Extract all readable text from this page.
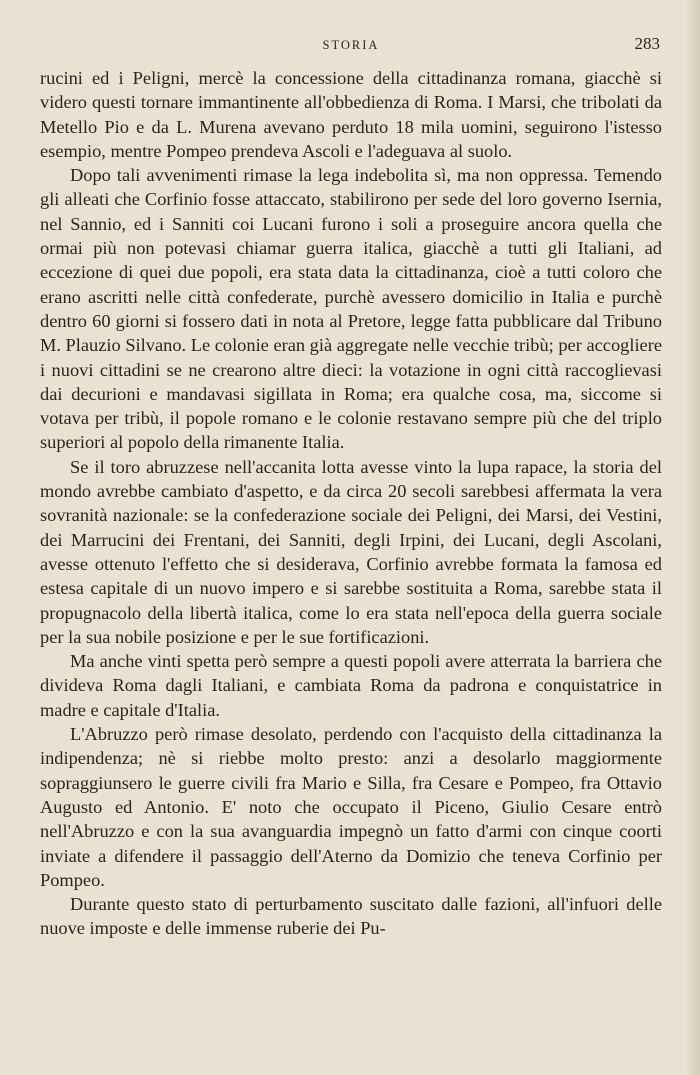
STORIA	283

rucini ed i Peligni, mercè la concessione della cittadinanza romana, giacchè si videro questi tornare immantinente all'obbedienza di Roma. I Marsi, che tribolati da Metello Pio e da L. Murena avevano perduto 18 mila uomini, seguirono l'istesso esempio, mentre Pompeo prendeva Ascoli e l'adeguava al suolo.

Dopo tali avvenimenti rimase la lega indebolita sì, ma non oppressa. Temendo gli alleati che Corfinio fosse attaccato, stabilirono per sede del loro governo Isernia, nel Sannio, ed i Sanniti coi Lucani furono i soli a proseguire ancora quella che ormai più non potevasi chiamar guerra italica, giacchè a tutti gli Italiani, ad eccezione di quei due popoli, era stata data la cittadinanza, cioè a tutti coloro che erano ascritti nelle città confederate, purchè avessero domicilio in Italia e purchè dentro 60 giorni si fossero dati in nota al Pretore, legge fatta pubblicare dal Tribuno M. Plauzio Silvano. Le colonie eran già aggregate nelle vecchie tribù; per accogliere i nuovi cittadini se ne crearono altre dieci: la votazione in ogni città raccoglievasi dai decurioni e mandavasi sigillata in Roma; era qualche cosa, ma, siccome si votava per tribù, il popole romano e le colonie restavano sempre più che del triplo superiori al popolo della rimanente Italia.

Se il toro abruzzese nell'accanita lotta avesse vinto la lupa rapace, la storia del mondo avrebbe cambiato d'aspetto, e da circa 20 secoli sarebbesi affermata la vera sovranità nazionale: se la confederazione sociale dei Peligni, dei Marsi, dei Vestini, dei Marrucini dei Frentani, dei Sanniti, degli Irpini, dei Lucani, degli Ascolani, avesse ottenuto l'effetto che si desiderava, Corfinio avrebbe formata la famosa ed estesa capitale di un nuovo impero e si sarebbe sostituita a Roma, sarebbe stata il propugnacolo della libertà italica, come lo era stata nell'epoca della guerra sociale per la sua nobile posizione e per le sue fortificazioni.

Ma anche vinti spetta però sempre a questi popoli avere atterrata la barriera che divideva Roma dagli Italiani, e cambiata Roma da padrona e conquistatrice in madre e capitale d'Italia.

L'Abruzzo però rimase desolato, perdendo con l'acquisto della cittadinanza la indipendenza; nè si riebbe molto presto: anzi a desolarlo maggiormente sopraggiunsero le guerre civili fra Mario e Silla, fra Cesare e Pompeo, fra Ottavio Augusto ed Antonio. E' noto che occupato il Piceno, Giulio Cesare entrò nell'Abruzzo e con la sua avanguardia impegnò un fatto d'armi con cinque coorti inviate a difendere il passaggio dell'Aterno da Domizio che teneva Corfinio per Pompeo.

Durante questo stato di perturbamento suscitato dalle fazioni, all'infuori delle nuove imposte e delle immense ruberie dei Pu-
